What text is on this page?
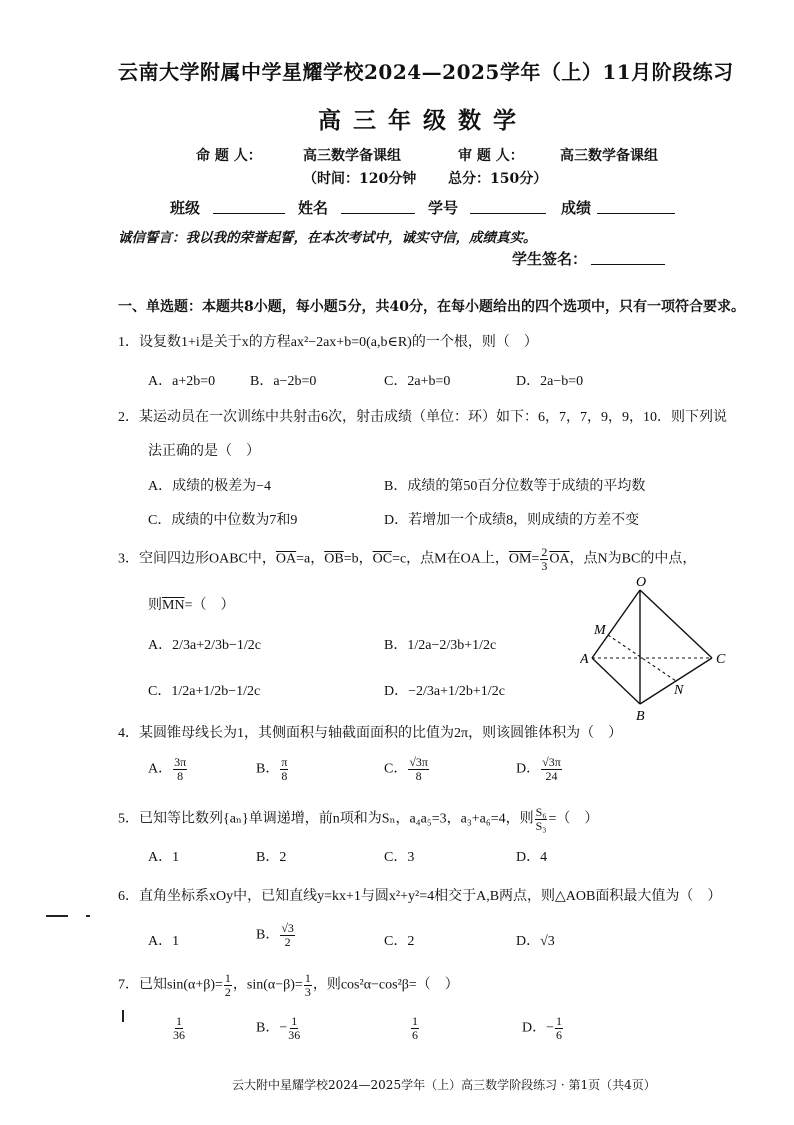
云南大学附属中学星耀学校2024—2025学年（上）11月阶段练习
高三年级数学
命 题 人：	高三数学备课组	审 题 人：	高三数学备课组
（时间：120分钟 总分：150分）
班级	姓名	学号	成绩
诚信誓言：我以我的荣誉起誓，在本次考试中，诚实守信，成绩真实。
学生签名：
一、单选题：本题共8小题，每小题5分，共40分，在每小题给出的四个选项中，只有一项符合要求。
1．设复数1+i是关于x的方程ax²−2ax+b=0(a,b∈R)的一个根，则（　）
A．a+2b=0 B．a−2b=0	C．2a+b=0	D．2a−b=0
2．某运动员在一次训练中共射击6次，射击成绩（单位：环）如下：6，7，7，9，9，10．则下列说
法正确的是（　）
A．成绩的极差为−4	B．成绩的第50百分位数等于成绩的平均数
C．成绩的中位数为7和9	D．若增加一个成绩8，则成绩的方差不变
3．空间四边形OABC中，$\overline{OA}=a$，$\overline{OB}=b$，$\overline{OC}=c$，点M在OA上，$\overline{OM}= \frac{2}{3} \overline{OA}$，点N为BC的中点，
则$\overline{MN}=$（　）
A．2/3a+2/3b−1/2c	B．1/2a−2/3b+1/2c
C．1/2a+1/2b−1/2c	D．−2/3a+1/2b+1/2c
O
A	C
B
M
N
4．某圆锥母线长为1，其侧面积与轴截面面积的比值为2π，则该圆锥体积为（　）
A． $\frac{3\pi}{8}$	B． $\frac{\pi}{8}$	C． $\frac{√3\pi}{8}$	D． $\frac{√3\pi}{24}$
5．已知等比数列{aₙ}单调递增，前n项和为Sₙ，a₄a₅=3，a₃+a₆=4，则 $\frac{\text{S₆}}{\text{S₃}}$ =（　）
A．1	B．2	C．3	D．4
6．直角坐标系xOy中，已知直线y=kx+1与圆x²+y²=4相交于A,B两点，则△AOB面积最大值为（　）
A．1	B． $\frac{√3}{2}$	C．2	D．√3
7．已知$\sin(\alpha+\beta)= \frac{1}{2}$ ，$\sin(\alpha-\beta)= \frac{1}{3}$ ，则cos²α−cos²β=（　）
$\frac{1}{36}$	B．− $\frac{1}{36}$	$\frac{1}{6}$	D．− $\frac{1}{6}$
云大附中星耀学校2024—2025学年（上）高三数学阶段练习 · 第1页（共4页）
